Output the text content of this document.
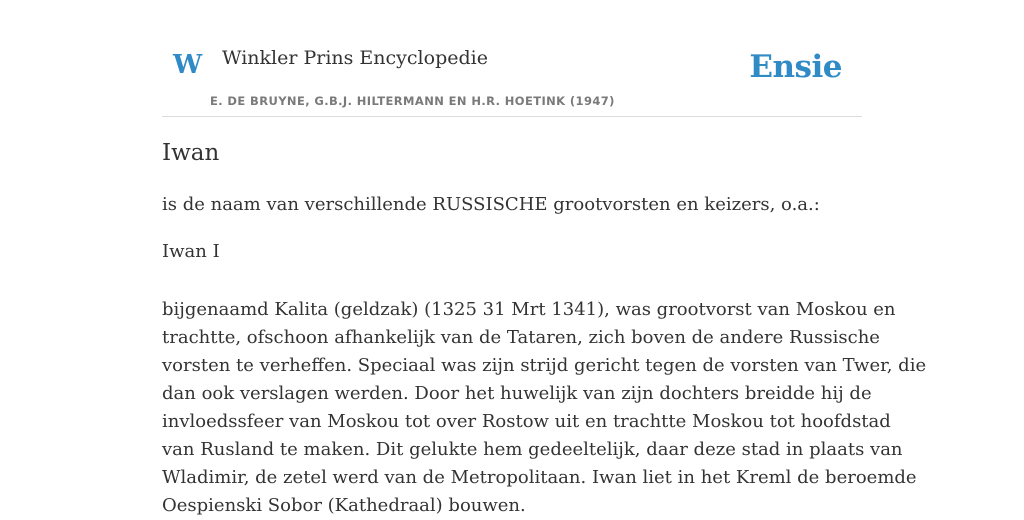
W Winkler Prins Encyclopedie
E. DE BRUYNE, G.B.J. HILTERMANN EN H.R. HOETINK (1947)
Ensie
Iwan

is de naam van verschillende RUSSISCHE grootvorsten en keizers, o.a.:

Iwan I

bijgenaamd Kalita (geldzak) (1325 31 Mrt 1341), was grootvorst van Moskou en
trachtte, ofschoon afhankelijk van de Tataren, zich boven de andere Russische
vorsten te verheffen. Speciaal was zijn strijd gericht tegen de vorsten van Twer, die
dan ook verslagen werden. Door het huwelijk van zijn dochters breidde hij de
invloedssfeer van Moskou tot over Rostow uit en trachtte Moskou tot hoofdstad
van Rusland te maken. Dit gelukte hem gedeeltelijk, daar deze stad in plaats van
Wladimir, de zetel werd van de Metropolitaan. Iwan liet in het Kreml de beroemde
Oespienski Sobor (Kathedraal) bouwen.
